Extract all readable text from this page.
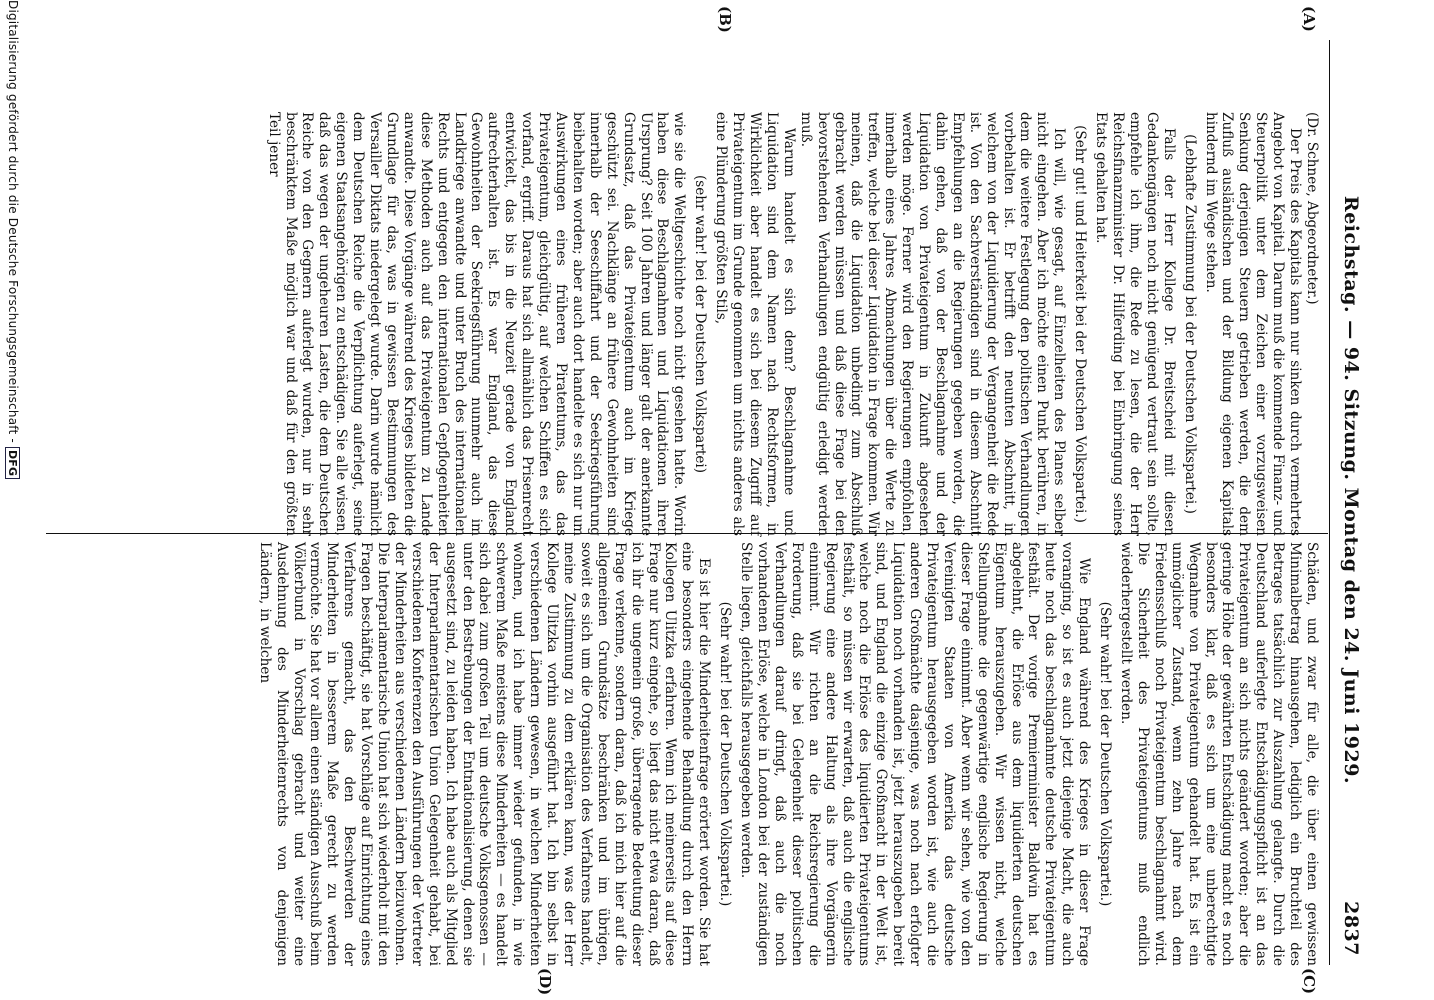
Reichstag. — 94. Sitzung. Montag den 24. Juni 1929.
2837
(C)
(D)
(A)
(B)

(Dr. Schnee, Abgeordneter.)

Der Preis des Kapitals kann nur sinken durch vermehrtes Angebot von Kapital. Darum muß die kommende Finanz- und Steuerpolitik unter dem Zeichen einer vorzugsweisen Senkung derjenigen Steuern getrieben werden, die dem Zufluß ausländischen und der Bildung eigenen Kapitals hindernd im Wege stehen.

(Lebhafte Zustimmung bei der Deutschen Volkspartei.)

Falls der Herr Kollege Dr. Breitscheid mit diesen Gedankengängen noch nicht genügend vertraut sein sollte, empfehle ich ihm, die Rede zu lesen, die der Herr Reichsfinanzminister Dr. Hilferding bei Einbringung seines Etats gehalten hat.

(Sehr gut! und Heiterkeit bei der Deutschen Volkspartei.)

Ich will, wie gesagt, auf Einzelheiten des Planes selber nicht eingehen. Aber ich möchte einen Punkt berühren, in dem die weitere Festlegung den politischen Verhandlungen vorbehalten ist. Er betrifft den neunten Abschnitt, in welchem von der Liquidierung der Vergangenheit die Rede ist. Von den Sachverständigen sind in diesem Abschnitt Empfehlungen an die Regierungen gegeben worden, die dahin gehen, daß von der Beschlagnahme und der Liquidation von Privateigentum in Zukunft abgesehen werden möge. Ferner wird den Regierungen empfohlen, innerhalb eines Jahres Abmachungen über die Werte zu treffen, welche bei dieser Liquidation in Frage kommen. Wir meinen, daß die Liquidation unbedingt zum Abschluß gebracht werden müssen und daß diese Frage bei den bevorstehenden Verhandlungen endgültig erledigt werden muß.

Warum handelt es sich denn? Beschlagnahme und Liquidation sind dem Namen nach Rechtsformen, in Wirklichkeit aber handelt es sich bei diesem Zugriff auf Privateigentum im Grunde genommen um nichts anderes als eine Plünderung größten Stils,

(sehr wahr! bei der Deutschen Volkspartei)

wie sie die Weltgeschichte noch nicht gesehen hatte. Worin haben diese Beschlagnahmen und Liquidationen ihren Ursprung? Seit 100 Jahren und länger galt der anerkannte Grundsatz, daß das Privateigentum auch im Kriege geschützt sei. Nachklänge an frühere Gewohnheiten sind innerhalb der Seeschiffahrt und der Seekriegsführung beibehalten worden; aber auch dort handelte es sich nur um Auswirkungen eines früheren Piratentums, das das Privateigentum, gleichgültig, auf welchen Schiffen es sich vorfand, ergriff. Daraus hat sich allmählich das Prisenrecht entwickelt, das bis in die Neuzeit gerade von England aufrechterhalten ist. Es war England, das diese Gewohnheiten der Seekriegsführung nunmehr auch im Landkriege anwandte und unter Bruch des internationalen Rechts und entgegen den internationalen Gepflogenheiten diese Methoden auch auf das Privateigentum zu Lande anwandte. Diese Vorgänge während des Krieges bildeten die Grundlage für das, was in gewissen Bestimmungen des Versailler Diktats niedergelegt wurde. Darin wurde nämlich dem Deutschen Reiche die Verpflichtung auferlegt, seine eigenen Staatsangehörigen zu entschädigen. Sie alle wissen, daß das wegen der ungeheuren Lasten, die dem Deutschen Reiche von den Gegnern auferlegt wurden, nur in sehr beschränktem Maße möglich war und daß für den größten Teil jener

Schäden, und zwar für alle, die über einen gewissen Minimalbetrag hinausgehen, lediglich ein Bruchteil des Betrages tatsächlich zur Auszahlung gelangte. Durch die Deutschland auferlegte Entschädigungspflicht ist an das Privateigentum an sich nichts geändert worden; aber die geringe Höhe der gewährten Entschädigung macht es noch besonders klar, daß es sich um eine unberechtigte Wegnahme von Privateigentum gehandelt hat. Es ist ein unmöglicher Zustand, wenn zehn Jahre nach dem Friedensschluß noch Privateigentum beschlagnahmt wird. Die Sicherheit des Privateigentums muß endlich wiederhergestellt werden.

(Sehr wahr! bei der Deutschen Volkspartei.)

Wie England während des Krieges in dieser Frage voranging, so ist es auch jetzt diejenige Macht, die auch heute noch das beschlagnahmte deutsche Privateigentum festhält. Der vorige Premierminister Baldwin hat es abgelehnt, die Erlöse aus dem liquidierten deutschen Eigentum herauszugeben. Wir wissen nicht, welche Stellungnahme die gegenwärtige englische Regierung in dieser Frage einnimmt. Aber wenn wir sehen, wie von den Vereinigten Staaten von Amerika das deutsche Privateigentum herausgegeben worden ist, wie auch die anderen Großmächte dasjenige, was noch nach erfolgter Liquidation noch vorhanden ist, jetzt herauszugeben bereit sind, und England die einzige Großmacht in der Welt ist, welche noch die Erlöse des liquidierten Privateigentums festhält, so müssen wir erwarten, daß auch die englische Regierung eine andere Haltung als ihre Vorgängerin einnimmt. Wir richten an die Reichsregierung die Forderung, daß sie bei Gelegenheit dieser politischen Verhandlungen darauf dringt, daß auch die noch vorhandenen Erlöse, welche in London bei der zuständigen Stelle liegen, gleichfalls herausgegeben werden.

(Sehr wahr! bei der Deutschen Volkspartei.)

Es ist hier die Minderheitenfrage erörtert worden. Sie hat eine besonders eingehende Behandlung durch den Herrn Kollegen Ulitzka erfahren. Wenn ich meinerseits auf diese Frage nur kurz eingehe, so liegt das nicht etwa daran, daß ich ihr die ungemein große, überragende Bedeutung dieser Frage verkenne, sondern daran, daß ich mich hier auf die allgemeinen Grundsätze beschränken und im übrigen, soweit es sich um die Organisation des Verfahrens handelt, meine Zustimmung zu dem erklären kann, was der Herr Kollege Ulitzka vorhin ausgeführt hat. Ich bin selbst in verschiedenen Ländern gewesen, in welchen Minderheiten wohnen, und ich habe immer wieder gefunden, in wie schwerem Maße meistens diese Minderheiten — es handelt sich dabei zum großen Teil um deutsche Volksgenossen — unter den Bestrebungen der Entnationalisierung, denen sie ausgesetzt sind, zu leiden haben. Ich habe auch als Mitglied der Interparlamentarischen Union Gelegenheit gehabt, bei verschiedenen Konferenzen den Ausführungen der Vertreter der Minderheiten aus verschiedenen Ländern beizuwohnen. Die Interparlamentarische Union hat sich wiederholt mit den Fragen beschäftigt, sie hat Vorschläge auf Einrichtung eines Verfahrens gemacht, das den Beschwerden der Minderheiten in besserem Maße gerecht zu werden vermöchte. Sie hat vor allem einen ständigen Ausschuß beim Völkerbund in Vorschlag gebracht und weiter eine Ausdehnung des Minderheitenrechts von denjenigen Ländern, in welchen

Digitalisierung gefördert durch die Deutsche Forschungsgemeinschaft -DFG
